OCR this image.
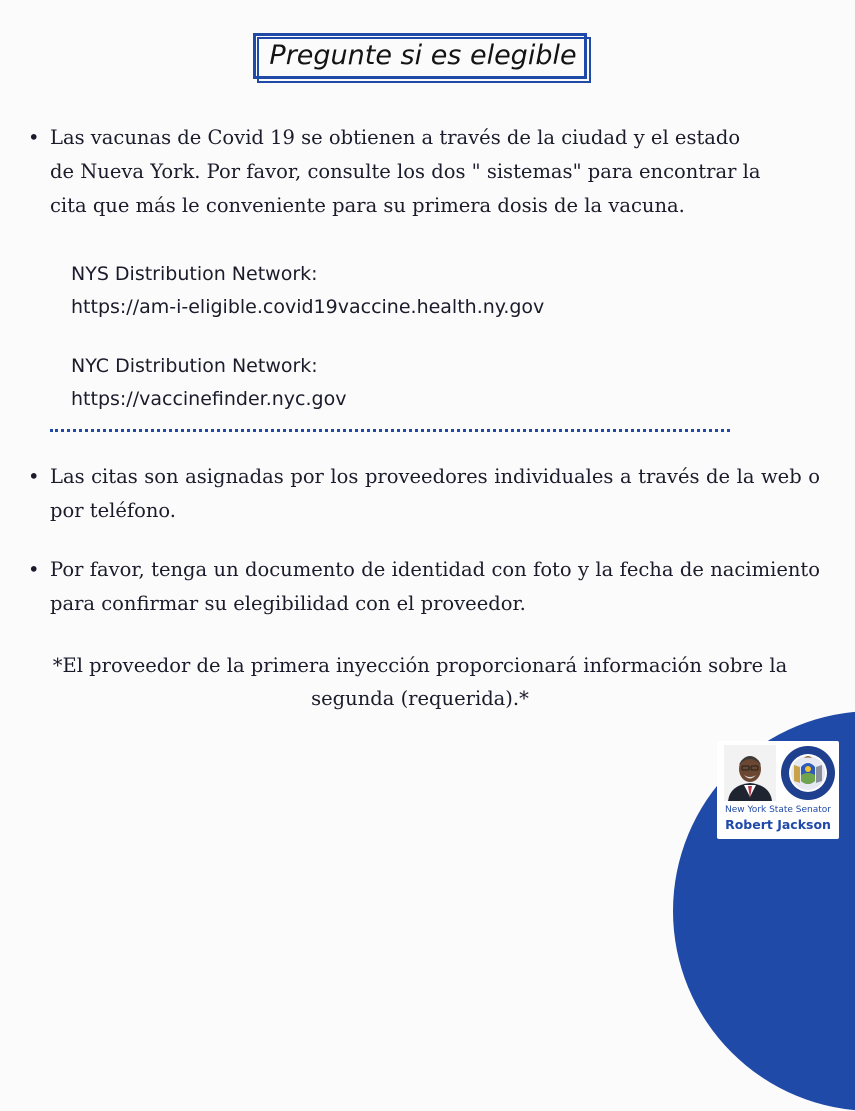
Pregunte si es elegible
• Las vacunas de Covid 19 se obtienen a través de la ciudad y el estado de Nueva York. Por favor, consulte los dos " sistemas" para encontrar la cita que más le conveniente para su primera dosis de la vacuna.
NYS Distribution Network:
https://am-i-eligible.covid19vaccine.health.ny.gov
NYC Distribution Network:
https://vaccinefinder.nyc.gov
• Las citas son asignadas por los proveedores individuales a través de la web o por teléfono.
• Por favor, tenga un documento de identidad con foto y la fecha de nacimiento para confirmar su elegibilidad con el proveedor.
*El proveedor de la primera inyección proporcionará información sobre la
segunda (requerida).*
New York State Senator
Robert Jackson
